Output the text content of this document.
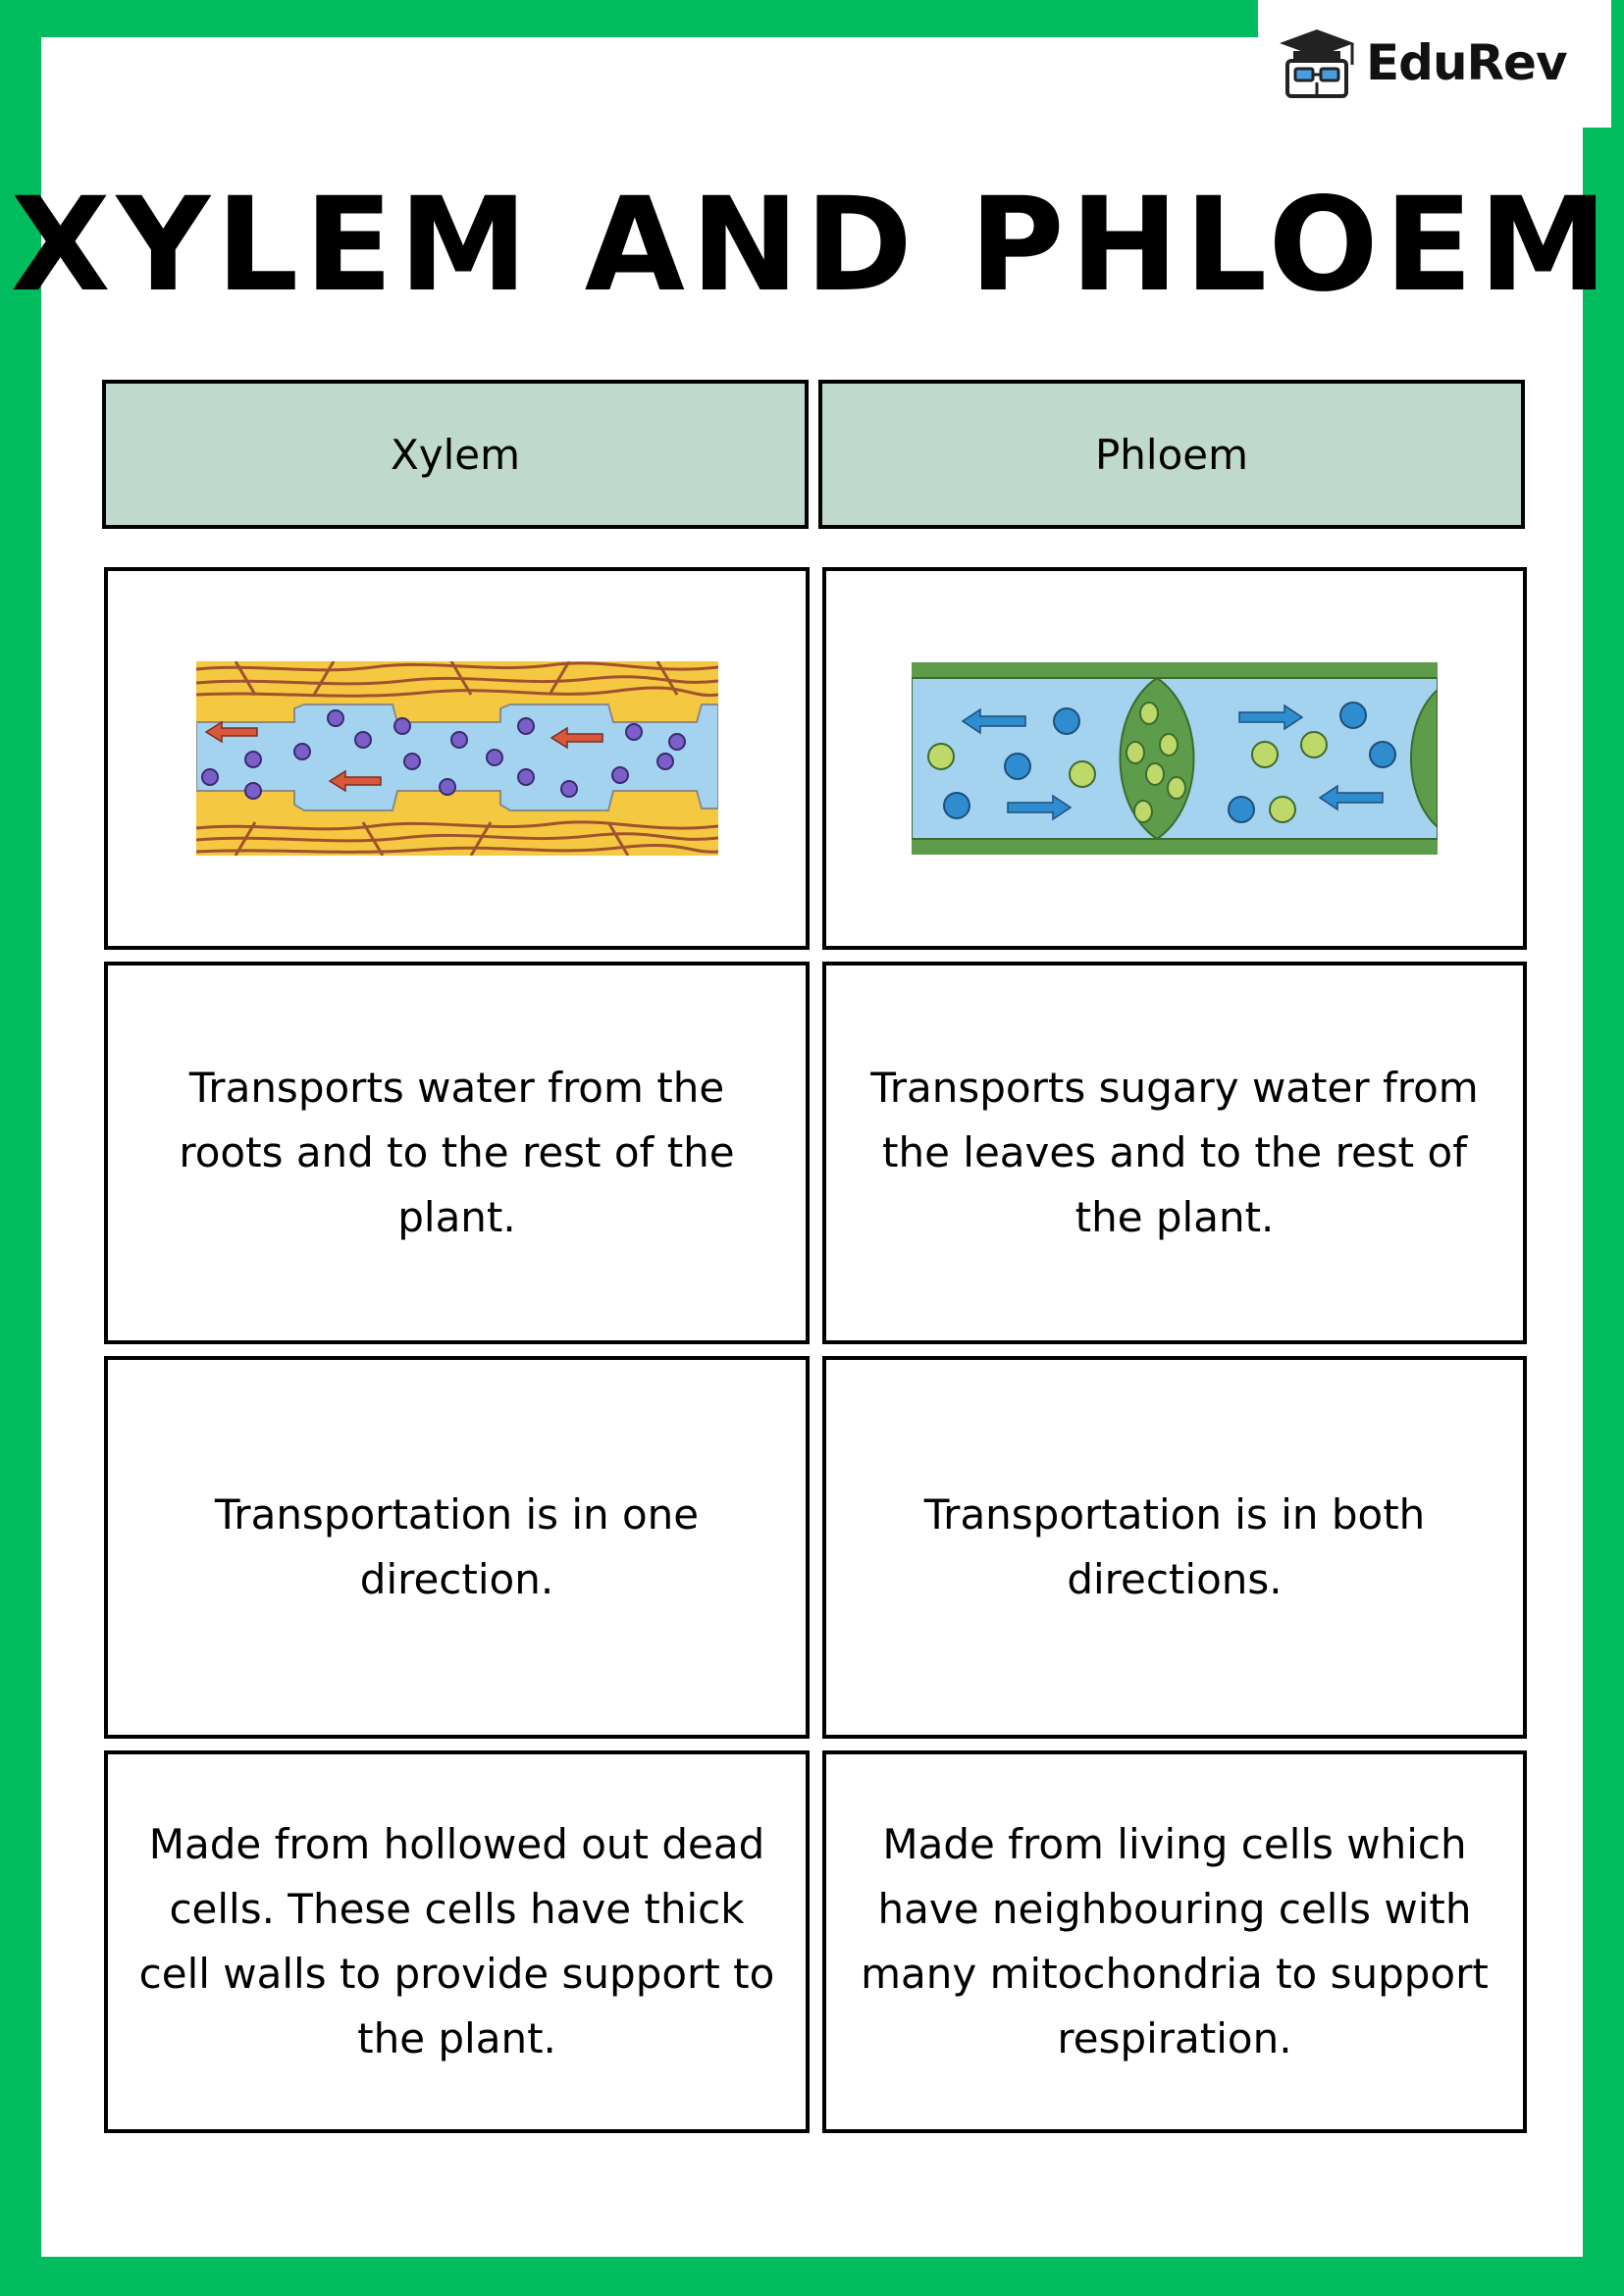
EduRev
XYLEM AND PHLOEM
Xylem	Phloem
Transports water from the roots and to the rest of the plant.
Transports sugary water from the leaves and to the rest of the plant.
Transportation is in one direction.
Transportation is in both directions.
Made from hollowed out dead cells. These cells have thick cell walls to provide support to the plant.
Made from living cells which have neighbouring cells with many mitochondria to support respiration.
